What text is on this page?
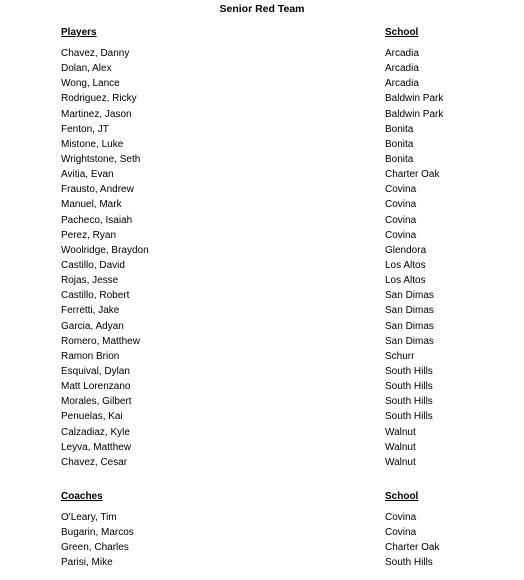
Senior Red Team
Players	School
Chavez, Danny	Arcadia
Dolan, Alex	Arcadia
Wong, Lance	Arcadia
Rodriguez, Ricky	Baldwin Park
Martinez, Jason	Baldwin Park
Fenton, JT	Bonita
Mistone, Luke	Bonita
Wrightstone, Seth	Bonita
Avitia, Evan	Charter Oak
Frausto, Andrew	Covina
Manuel, Mark	Covina
Pacheco, Isaiah	Covina
Perez, Ryan	Covina
Woolridge, Braydon	Glendora
Castillo, David	Los Altos
Rojas, Jesse	Los Altos
Castillo, Robert	San Dimas
Ferretti, Jake	San Dimas
Garcia, Adyan	San Dimas
Romero, Matthew	San Dimas
Ramon Brion	Schurr
Esquival, Dylan	South Hills
Matt Lorenzano	South Hills
Morales, Gilbert	South Hills
Penuelas, Kai	South Hills
Calzadiaz, Kyle	Walnut
Leyva, Matthew	Walnut
Chavez, Cesar	Walnut
Coaches	School
O'Leary, Tim	Covina
Bugarin, Marcos	Covina
Green, Charles	Charter Oak
Parisi, Mike	South Hills
